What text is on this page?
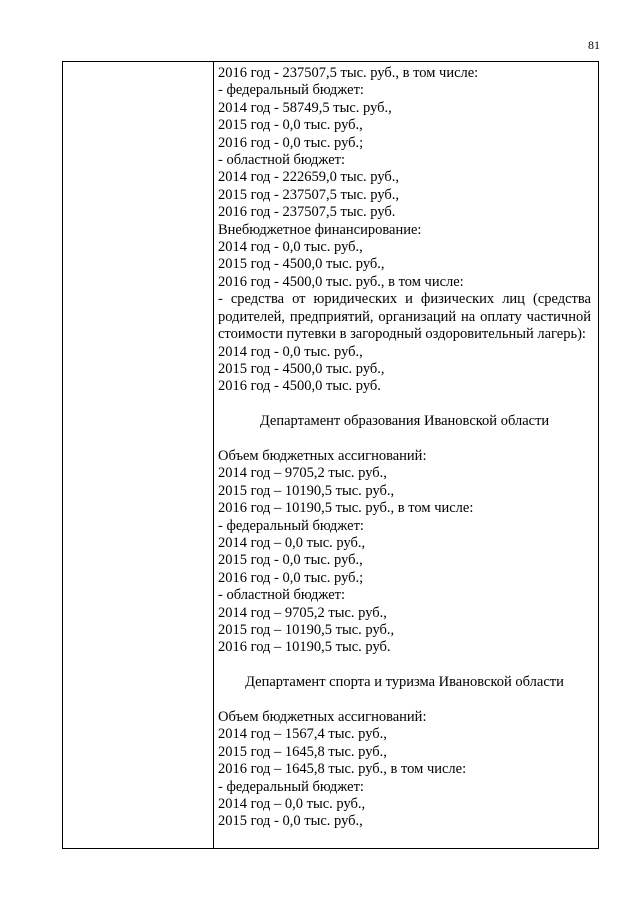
81
2016 год - 237507,5 тыс. руб., в том числе:
- федеральный бюджет:
2014 год - 58749,5 тыс. руб.,
2015 год - 0,0 тыс. руб.,
2016 год - 0,0 тыс. руб.;
- областной бюджет:
2014 год - 222659,0 тыс. руб.,
2015 год - 237507,5 тыс. руб.,
2016 год - 237507,5 тыс. руб.
Внебюджетное финансирование:
2014 год - 0,0 тыс. руб.,
2015 год - 4500,0 тыс. руб.,
2016 год - 4500,0 тыс. руб., в том числе:
- средства от юридических и физических лиц (средства родителей, предприятий, организаций на оплату частичной стоимости путевки в загородный оздоровительный лагерь):
2014 год - 0,0 тыс. руб.,
2015 год - 4500,0 тыс. руб.,
2016 год - 4500,0 тыс. руб.
Департамент образования Ивановской области
Объем бюджетных ассигнований:
2014 год – 9705,2 тыс. руб.,
2015 год – 10190,5 тыс. руб.,
2016 год – 10190,5 тыс. руб., в том числе:
- федеральный бюджет:
2014 год – 0,0 тыс. руб.,
2015 год - 0,0 тыс. руб.,
2016 год - 0,0 тыс. руб.;
- областной бюджет:
2014 год – 9705,2 тыс. руб.,
2015 год – 10190,5 тыс. руб.,
2016 год – 10190,5 тыс. руб.
Департамент спорта и туризма Ивановской области
Объем бюджетных ассигнований:
2014 год – 1567,4 тыс. руб.,
2015 год – 1645,8 тыс. руб.,
2016 год – 1645,8 тыс. руб., в том числе:
- федеральный бюджет:
2014 год – 0,0 тыс. руб.,
2015 год - 0,0 тыс. руб.,
